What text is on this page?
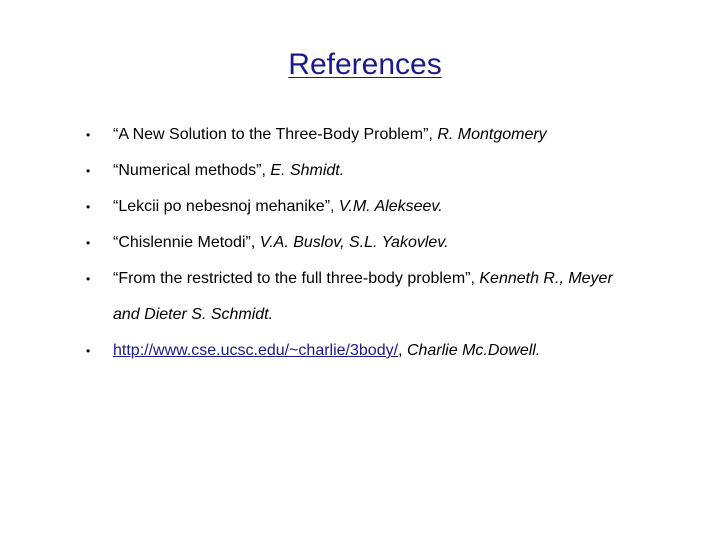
References
• “A New Solution to the Three-Body Problem”, R. Montgomery
• “Numerical methods”, E. Shmidt.
• “Lekcii po nebesnoj mehanike”, V.M. Alekseev.
• “Chislennie Metodi”, V.A. Buslov, S.L. Yakovlev.
• “From the restricted to the full three-body problem”, Kenneth R., Meyer
and Dieter S. Schmidt.
• http://www.cse.ucsc.edu/~charlie/3body/, Charlie Mc.Dowell.
